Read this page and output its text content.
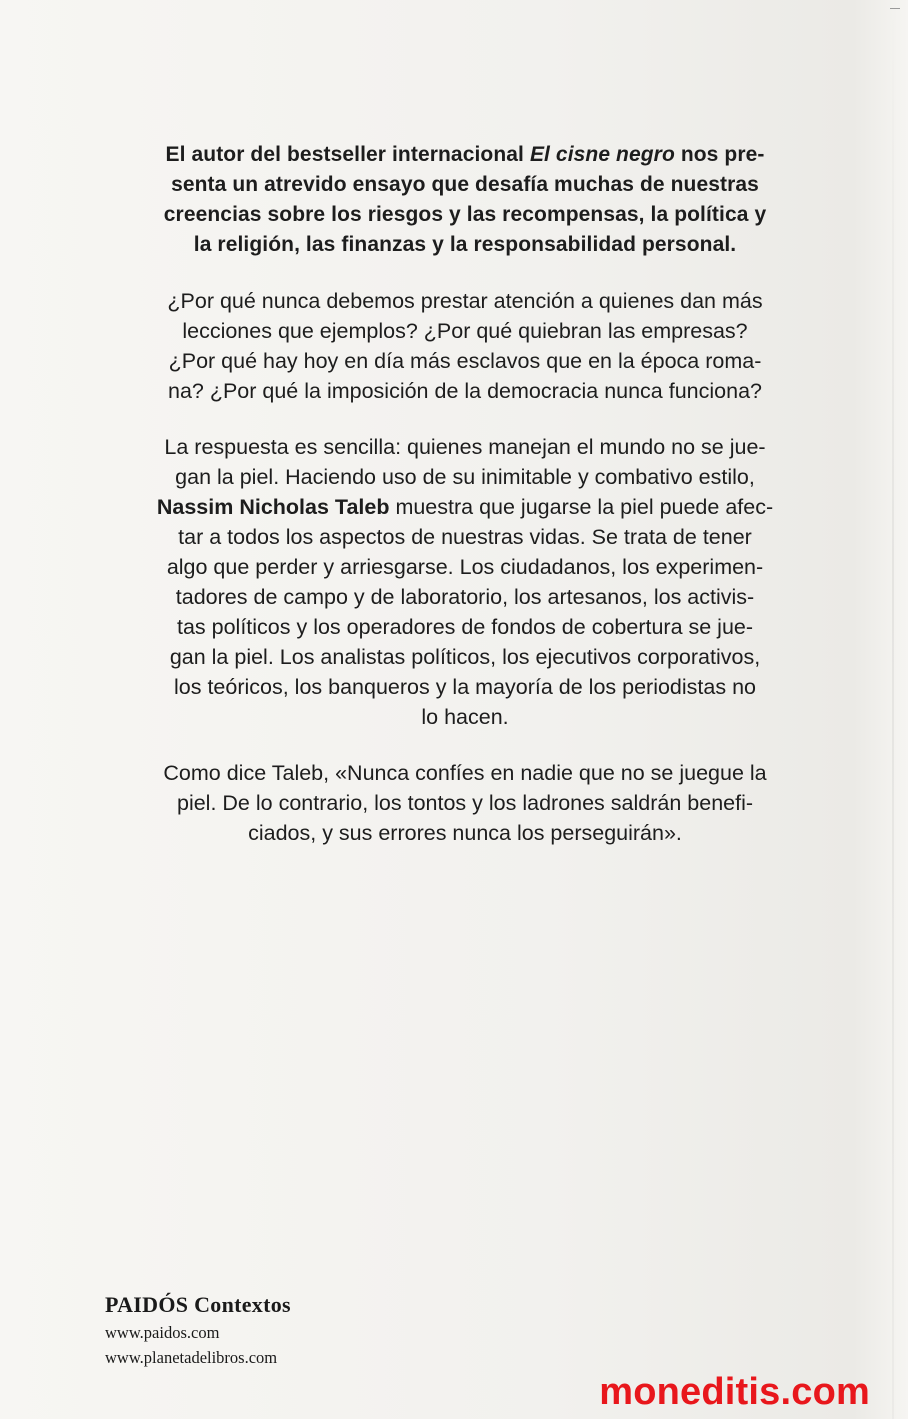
El autor del bestseller internacional El cisne negro nos pre-
senta un atrevido ensayo que desafía muchas de nuestras
creencias sobre los riesgos y las recompensas, la política y
la religión, las finanzas y la responsabilidad personal.

¿Por qué nunca debemos prestar atención a quienes dan más
lecciones que ejemplos? ¿Por qué quiebran las empresas?
¿Por qué hay hoy en día más esclavos que en la época roma-
na? ¿Por qué la imposición de la democracia nunca funciona?

La respuesta es sencilla: quienes manejan el mundo no se jue-
gan la piel. Haciendo uso de su inimitable y combativo estilo,
Nassim Nicholas Taleb muestra que jugarse la piel puede afec-
tar a todos los aspectos de nuestras vidas. Se trata de tener
algo que perder y arriesgarse. Los ciudadanos, los experimen-
tadores de campo y de laboratorio, los artesanos, los activis-
tas políticos y los operadores de fondos de cobertura se jue-
gan la piel. Los analistas políticos, los ejecutivos corporativos,
los teóricos, los banqueros y la mayoría de los periodistas no
lo hacen.

Como dice Taleb, «Nunca confíes en nadie que no se juegue la
piel. De lo contrario, los tontos y los ladrones saldrán benefi-
ciados, y sus errores nunca los perseguirán».

PAIDÓS Contextos
www.paidos.com
www.planetadelibros.com
moneditis.com
